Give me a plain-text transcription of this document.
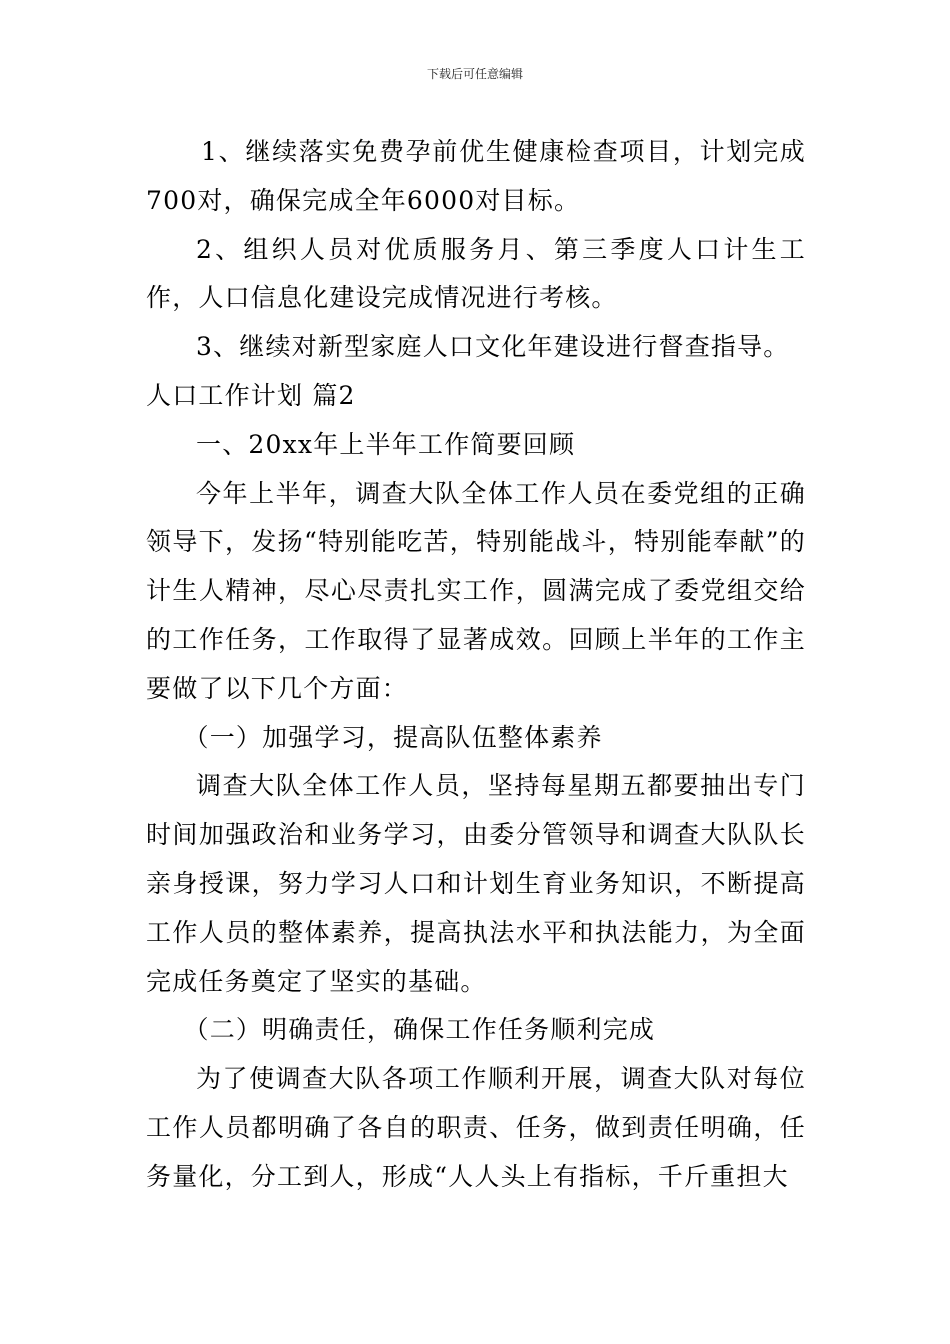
下载后可任意编辑

1、继续落实免费孕前优生健康检查项目，计划完成700对，确保完成全年6000对目标。

2、组织人员对优质服务月、第三季度人口计生工作，人口信息化建设完成情况进行考核。

3、继续对新型家庭人口文化年建设进行督查指导。

人口工作计划 篇2

一、20xx年上半年工作简要回顾

今年上半年，调查大队全体工作人员在委党组的正确领导下，发扬“特别能吃苦，特别能战斗，特别能奉献”的计生人精神，尽心尽责扎实工作，圆满完成了委党组交给的工作任务，工作取得了显著成效。回顾上半年的工作主要做了以下几个方面：

（一）加强学习，提高队伍整体素养

调查大队全体工作人员，坚持每星期五都要抽出专门时间加强政治和业务学习，由委分管领导和调查大队队长亲身授课，努力学习人口和计划生育业务知识，不断提高工作人员的整体素养，提高执法水平和执法能力，为全面完成任务奠定了坚实的基础。

（二）明确责任，确保工作任务顺利完成

为了使调查大队各项工作顺利开展，调查大队对每位工作人员都明确了各自的职责、任务，做到责任明确，任务量化，分工到人，形成“人人头上有指标，千斤重担大
